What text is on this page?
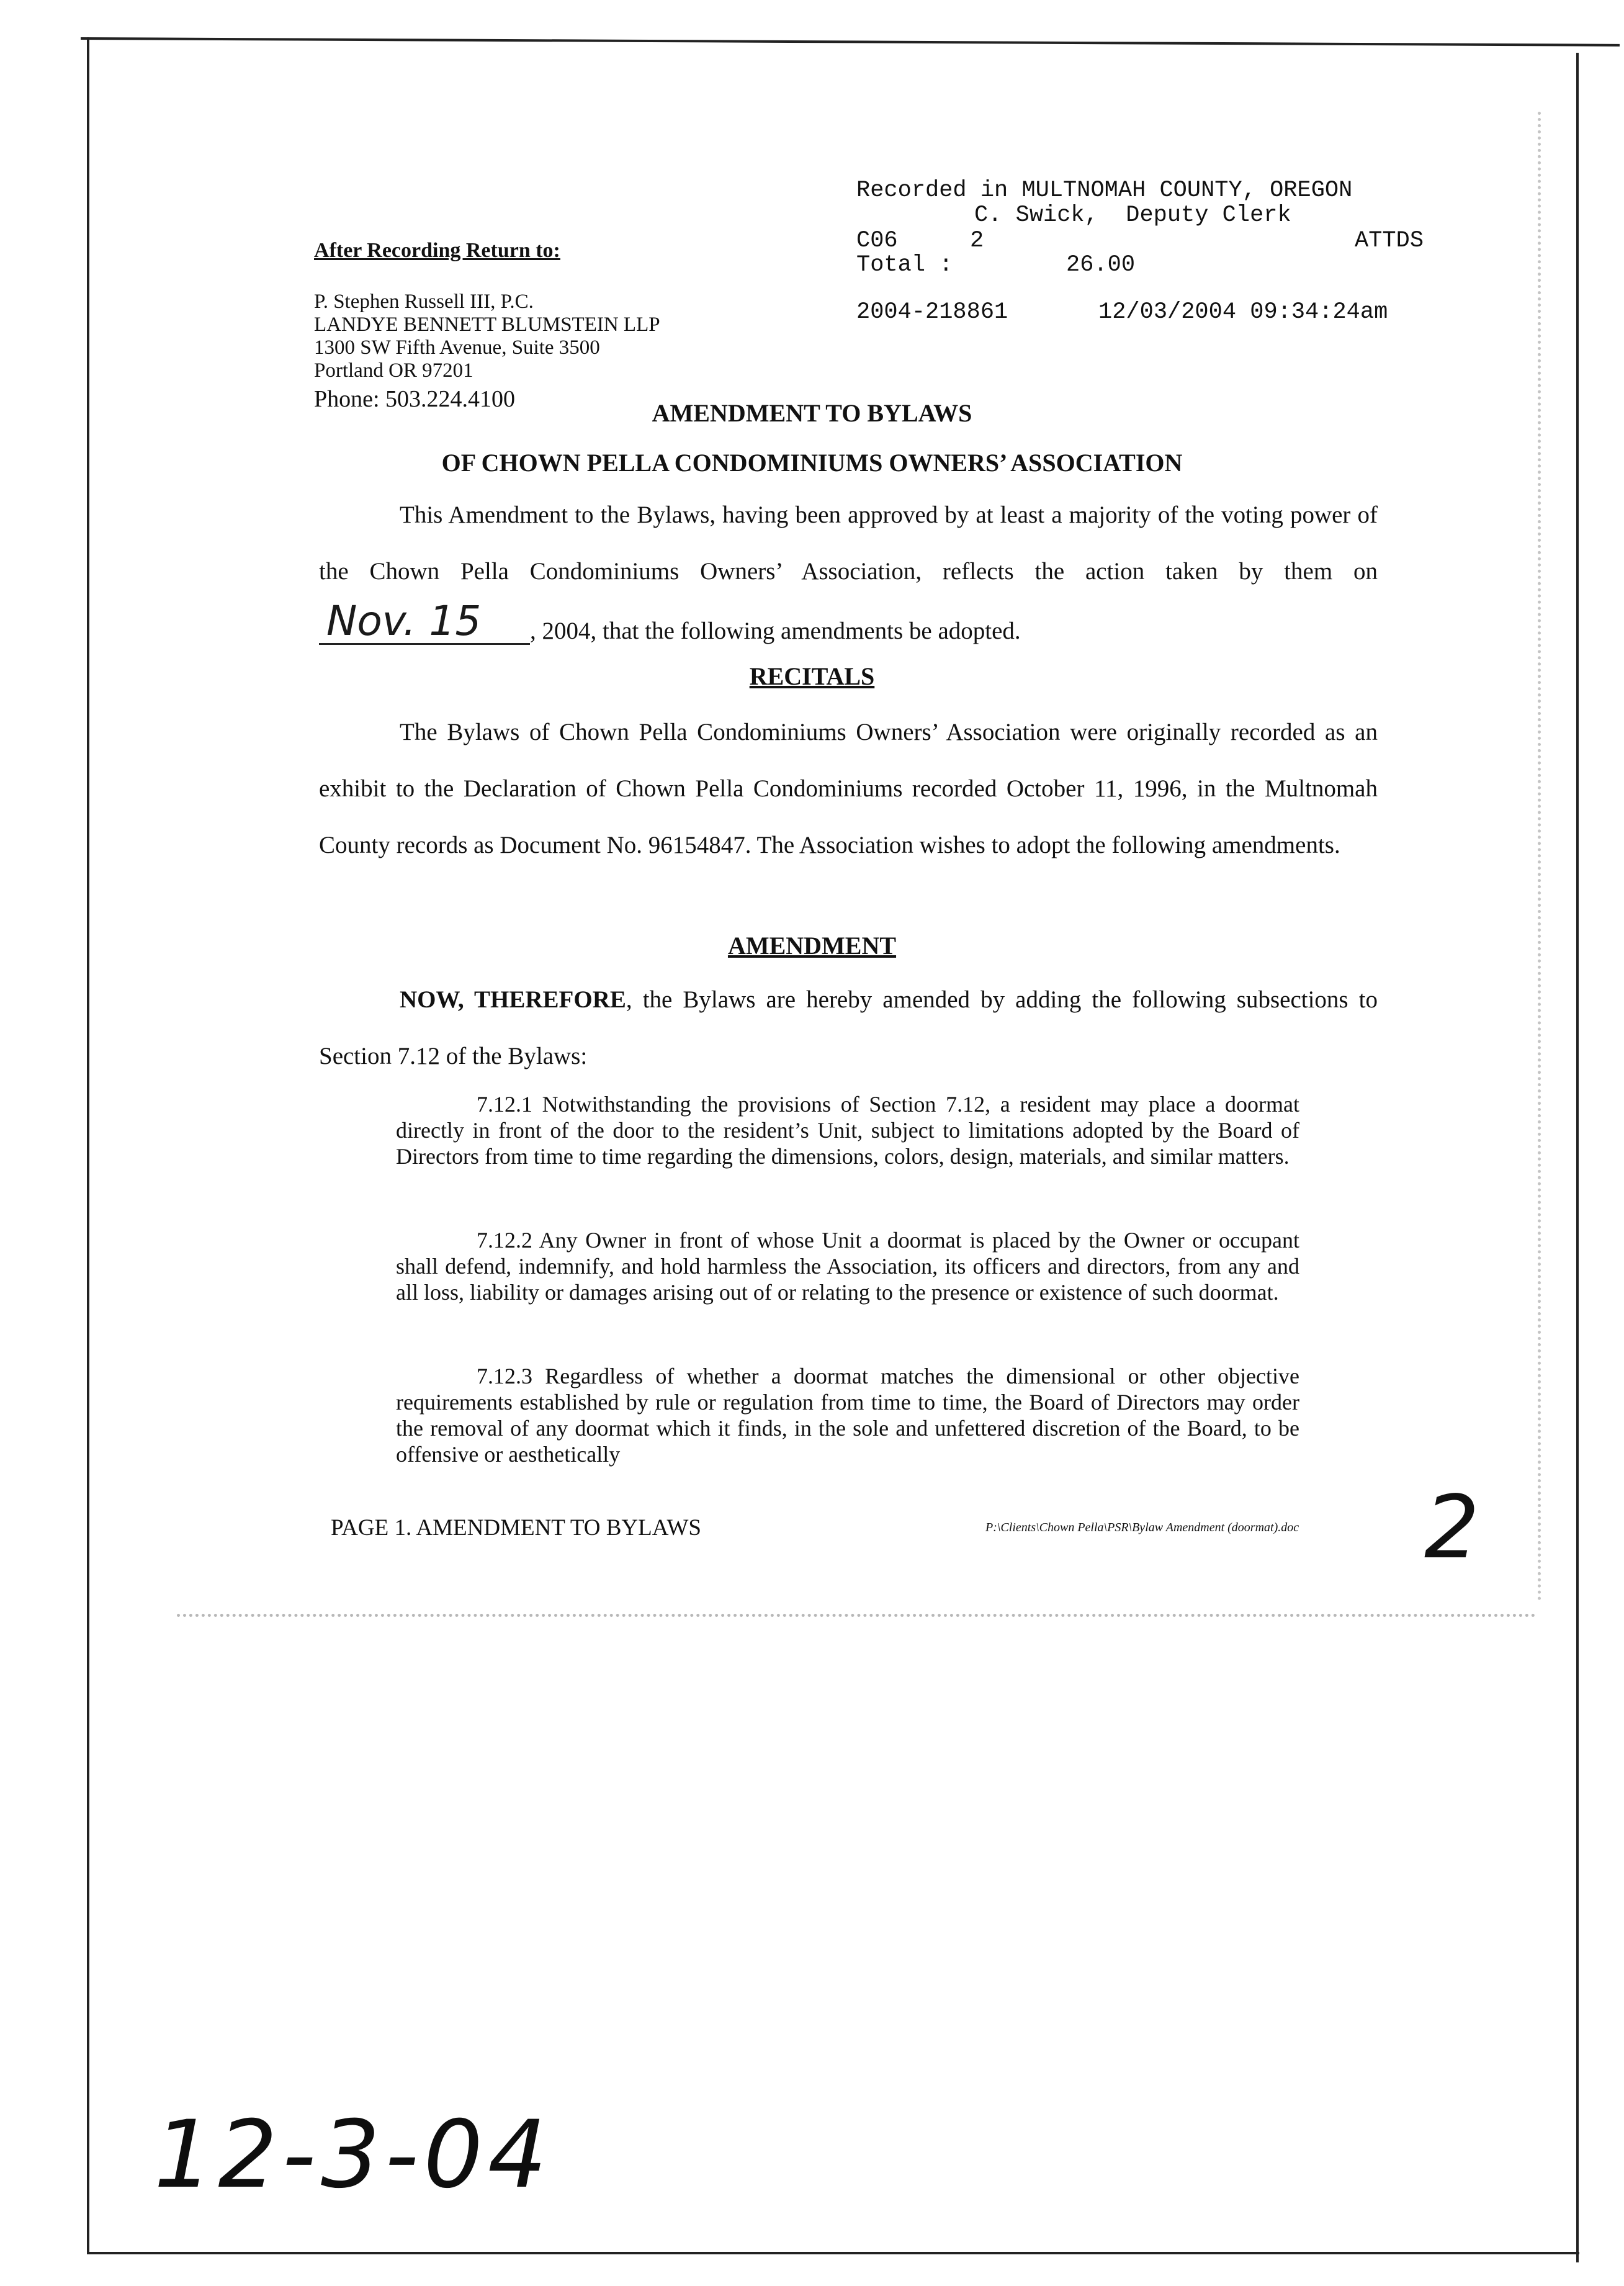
Recorded in MULTNOMAH COUNTY, OREGON
C. Swick,  Deputy Clerk
C06	2	ATTDS
Total :	26.00
2004-218861	12/03/2004 09:34:24am
After Recording Return to:
P. Stephen Russell III, P.C.
LANDYE BENNETT BLUMSTEIN LLP
1300 SW Fifth Avenue, Suite 3500
Portland OR 97201
Phone: 503.224.4100	AMENDMENT TO BYLAWS
OF CHOWN PELLA CONDOMINIUMS OWNERS’ ASSOCIATION
This Amendment to the Bylaws, having been approved by at least a majority of the voting power of the Chown Pella Condominiums Owners’ Association, reflects the action taken by them on
Nov. 15 , 2004, that the following amendments be adopted.
RECITALS
The Bylaws of Chown Pella Condominiums Owners’ Association were originally recorded as an exhibit to the Declaration of Chown Pella Condominiums recorded October 11, 1996, in the Multnomah County records as Document No. 96154847. The Association wishes to adopt the following amendments.
AMENDMENT
NOW, THEREFORE, the Bylaws are hereby amended by adding the following subsections to Section 7.12 of the Bylaws:
7.12.1 Notwithstanding the provisions of Section 7.12, a resident may place a doormat directly in front of the door to the resident’s Unit, subject to limitations adopted by the Board of Directors from time to time regarding the dimensions, colors, design, materials, and similar matters.
7.12.2 Any Owner in front of whose Unit a doormat is placed by the Owner or occupant shall defend, indemnify, and hold harmless the Association, its officers and directors, from any and all loss, liability or damages arising out of or relating to the presence or existence of such doormat.
7.12.3 Regardless of whether a doormat matches the dimensional or other objective requirements established by rule or regulation from time to time, the Board of Directors may order the removal of any doormat which it finds, in the sole and unfettered discretion of the Board, to be offensive or aesthetically
PAGE 1. AMENDMENT TO BYLAWS	P:\Clients\Chown Pella\PSR\Bylaw Amendment (doormat).doc 2
12-3-04
